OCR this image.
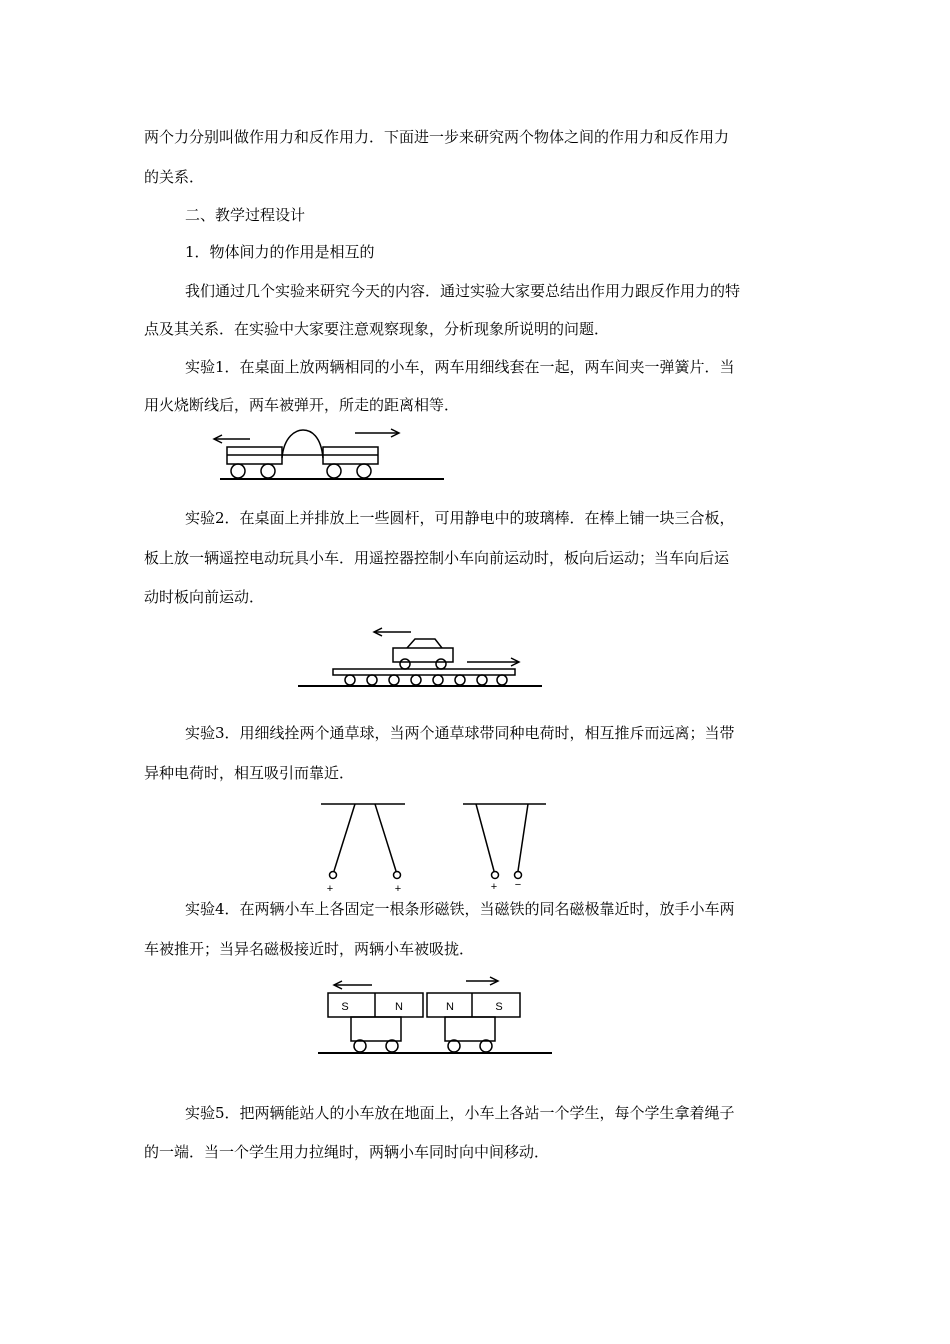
两个力分别叫做作用力和反作用力．下面进一步来研究两个物体之间的作用力和反作用力
的关系．
二、教学过程设计
1．物体间力的作用是相互的
我们通过几个实验来研究今天的内容．通过实验大家要总结出作用力跟反作用力的特
点及其关系．在实验中大家要注意观察现象，分析现象所说明的问题．
实验1．在桌面上放两辆相同的小车，两车用细线套在一起，两车间夹一弹簧片．当
用火烧断线后，两车被弹开，所走的距离相等．
实验2．在桌面上并排放上一些圆杆，可用静电中的玻璃棒．在棒上铺一块三合板，
板上放一辆遥控电动玩具小车．用遥控器控制小车向前运动时，板向后运动；当车向后运
动时板向前运动．
实验3．用细线拴两个通草球，当两个通草球带同种电荷时，相互推斥而远离；当带
异种电荷时，相互吸引而靠近．
+	+	+ −
实验4．在两辆小车上各固定一根条形磁铁，当磁铁的同名磁极靠近时，放手小车两
车被推开；当异名磁极接近时，两辆小车被吸拢．
S	N	N	S
实验5．把两辆能站人的小车放在地面上，小车上各站一个学生，每个学生拿着绳子
的一端．当一个学生用力拉绳时，两辆小车同时向中间移动．
